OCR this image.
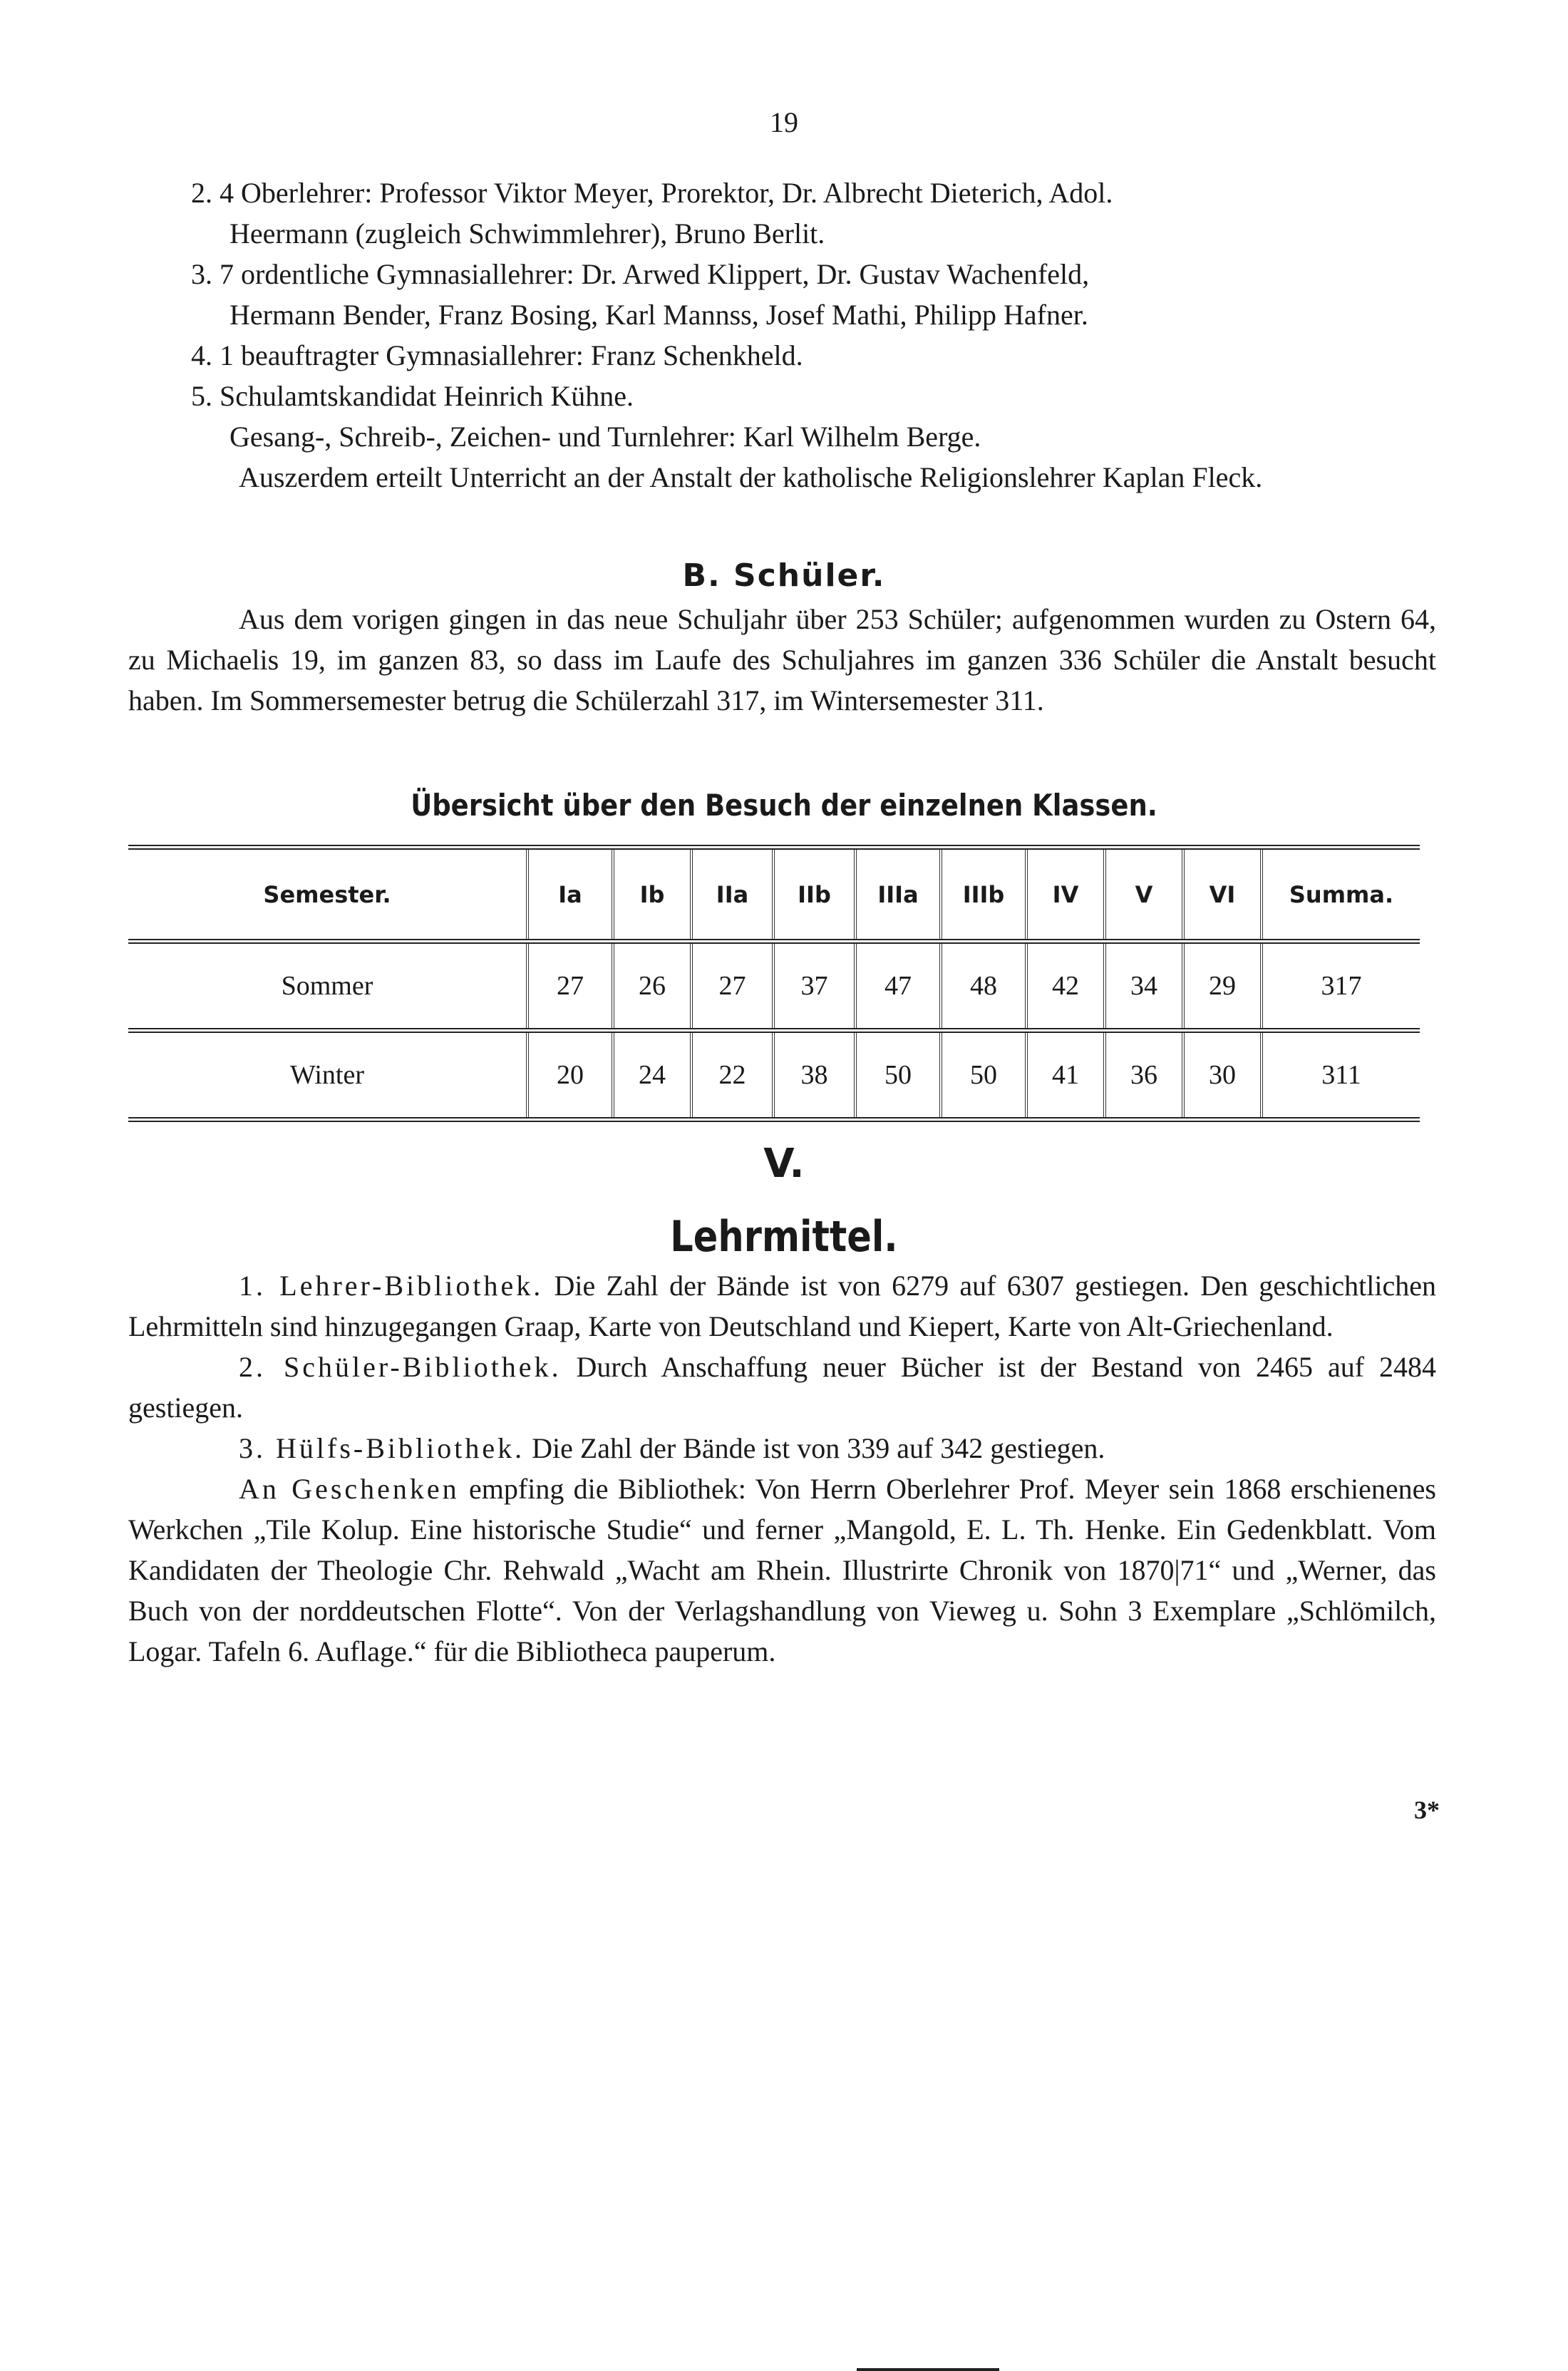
19
2. 4 Oberlehrer: Professor Viktor Meyer, Prorektor, Dr. Albrecht Dieterich, Adol.
Heermann (zugleich Schwimmlehrer), Bruno Berlit.
3. 7 ordentliche Gymnasiallehrer: Dr. Arwed Klippert, Dr. Gustav Wachenfeld,
Hermann Bender, Franz Bosing, Karl Mannss, Josef Mathi, Philipp Hafner.
4. 1 beauftragter Gymnasiallehrer: Franz Schenkheld.
5. Schulamtskandidat Heinrich Kühne.
Gesang-, Schreib-, Zeichen- und Turnlehrer: Karl Wilhelm Berge.
Auszerdem erteilt Unterricht an der Anstalt der katholische Religionslehrer Kaplan Fleck.
B. Schüler.
Aus dem vorigen gingen in das neue Schuljahr über 253 Schüler; aufgenommen wurden zu Ostern 64, zu Michaelis 19, im ganzen 83, so dass im Laufe des Schuljahres im ganzen 336 Schüler die Anstalt besucht haben. Im Sommersemester betrug die Schülerzahl 317, im Wintersemester 311.
Übersicht über den Besuch der einzelnen Klassen.
Semester.	Ia	Ib	IIa	IIb	IIIa	IIIb	IV	V	VI	Summa.
Sommer	27	26	27	37	47	48	42	34	29	317
Winter	20	24	22	38	50	50	41	36	30	311
V.
Lehrmittel.
1. Lehrer-Bibliothek. Die Zahl der Bände ist von 6279 auf 6307 gestiegen. Den geschichtlichen Lehrmitteln sind hinzugegangen Graap, Karte von Deutschland und Kiepert, Karte von Alt-Griechenland.
2. Schüler-Bibliothek. Durch Anschaffung neuer Bücher ist der Bestand von 2465 auf 2484 gestiegen.
3. Hülfs-Bibliothek. Die Zahl der Bände ist von 339 auf 342 gestiegen.
An Geschenken empfing die Bibliothek: Von Herrn Oberlehrer Prof. Meyer sein 1868 erschienenes Werkchen „Tile Kolup. Eine historische Studie“ und ferner „Mangold, E. L. Th. Henke. Ein Gedenkblatt. Vom Kandidaten der Theologie Chr. Rehwald „Wacht am Rhein. Illustrirte Chronik von 1870|71“ und „Werner, das Buch von der norddeutschen Flotte“. Von der Verlagshandlung von Vieweg u. Sohn 3 Exemplare „Schlömilch, Logar. Tafeln 6. Auflage.“ für die Bibliotheca pauperum.
3*
